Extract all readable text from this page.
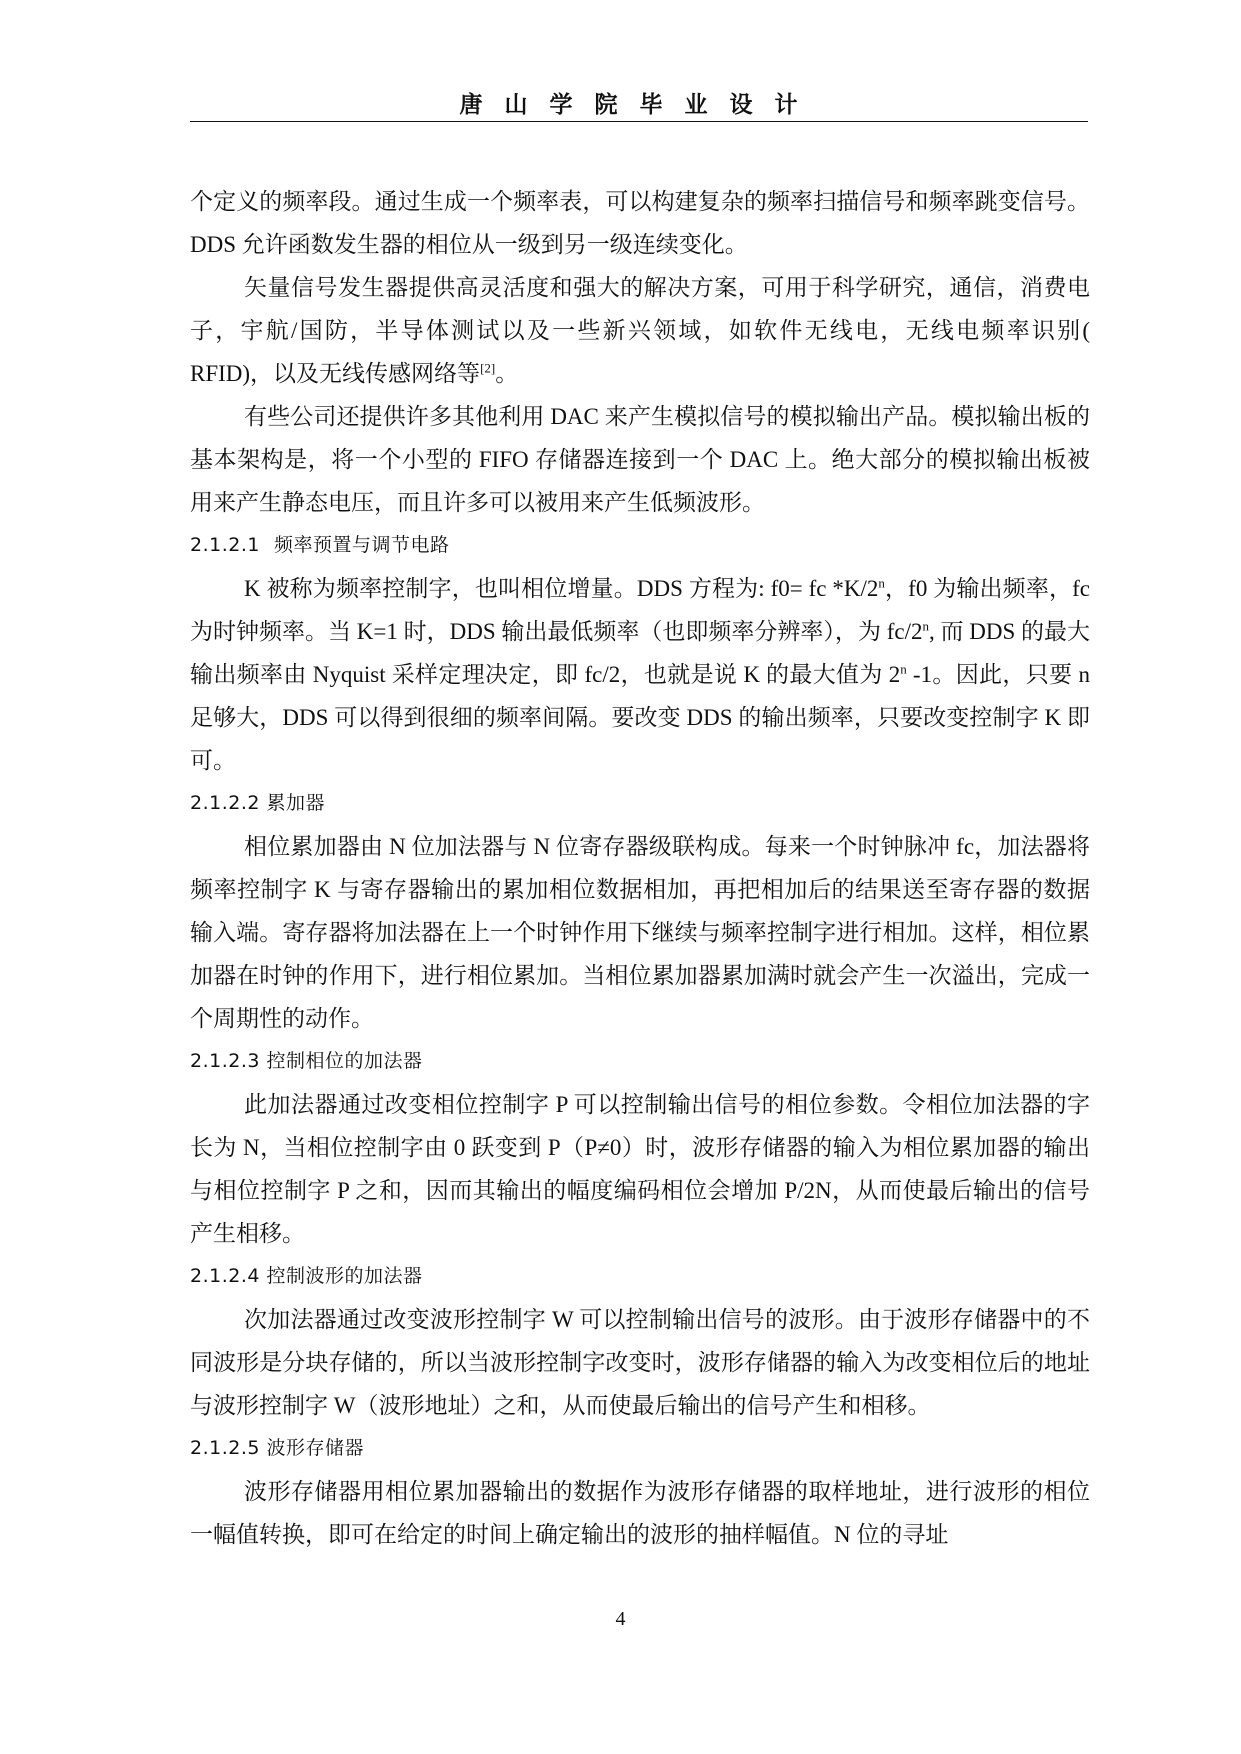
唐山学院毕业设计

个定义的频率段。通过生成一个频率表，可以构建复杂的频率扫描信号和频率跳变信号。DDS 允许函数发生器的相位从一级到另一级连续变化。

矢量信号发生器提供高灵活度和强大的解决方案，可用于科学研究，通信，消费电子，宇航/国防，半导体测试以及一些新兴领域，如软件无线电，无线电频率识别( RFID)，以及无线传感网络等[2]。

有些公司还提供许多其他利用 DAC 来产生模拟信号的模拟输出产品。模拟输出板的基本架构是，将一个小型的 FIFO 存储器连接到一个 DAC 上。绝大部分的模拟输出板被用来产生静态电压，而且许多可以被用来产生低频波形。

2.1.2.1 频率预置与调节电路

K 被称为频率控制字，也叫相位增量。DDS 方程为: f0= fc *K/2$^n$，f0 为输出频率，fc 为时钟频率。当 K=1 时，DDS 输出最低频率（也即频率分辨率），为 fc/2$^n$, 而 DDS 的最大输出频率由 Nyquist 采样定理决定，即 fc/2，也就是说 K 的最大值为 2$^n$ -1。因此，只要 n 足够大，DDS 可以得到很细的频率间隔。要改变 DDS 的输出频率，只要改变控制字 K 即可。

2.1.2.2 累加器

相位累加器由 N 位加法器与 N 位寄存器级联构成。每来一个时钟脉冲 fc，加法器将频率控制字 K 与寄存器输出的累加相位数据相加，再把相加后的结果送至寄存器的数据输入端。寄存器将加法器在上一个时钟作用下继续与频率控制字进行相加。这样，相位累加器在时钟的作用下，进行相位累加。当相位累加器累加满时就会产生一次溢出，完成一个周期性的动作。

2.1.2.3 控制相位的加法器

此加法器通过改变相位控制字 P 可以控制输出信号的相位参数。令相位加法器的字长为 N，当相位控制字由 0 跃变到 P（P≠0）时，波形存储器的输入为相位累加器的输出与相位控制字 P 之和，因而其输出的幅度编码相位会增加 P/2N，从而使最后输出的信号产生相移。

2.1.2.4 控制波形的加法器

次加法器通过改变波形控制字 W 可以控制输出信号的波形。由于波形存储器中的不同波形是分块存储的，所以当波形控制字改变时，波形存储器的输入为改变相位后的地址与波形控制字 W（波形地址）之和，从而使最后输出的信号产生和相移。

2.1.2.5 波形存储器

波形存储器用相位累加器输出的数据作为波形存储器的取样地址，进行波形的相位一幅值转换，即可在给定的时间上确定输出的波形的抽样幅值。N 位的寻址

4
